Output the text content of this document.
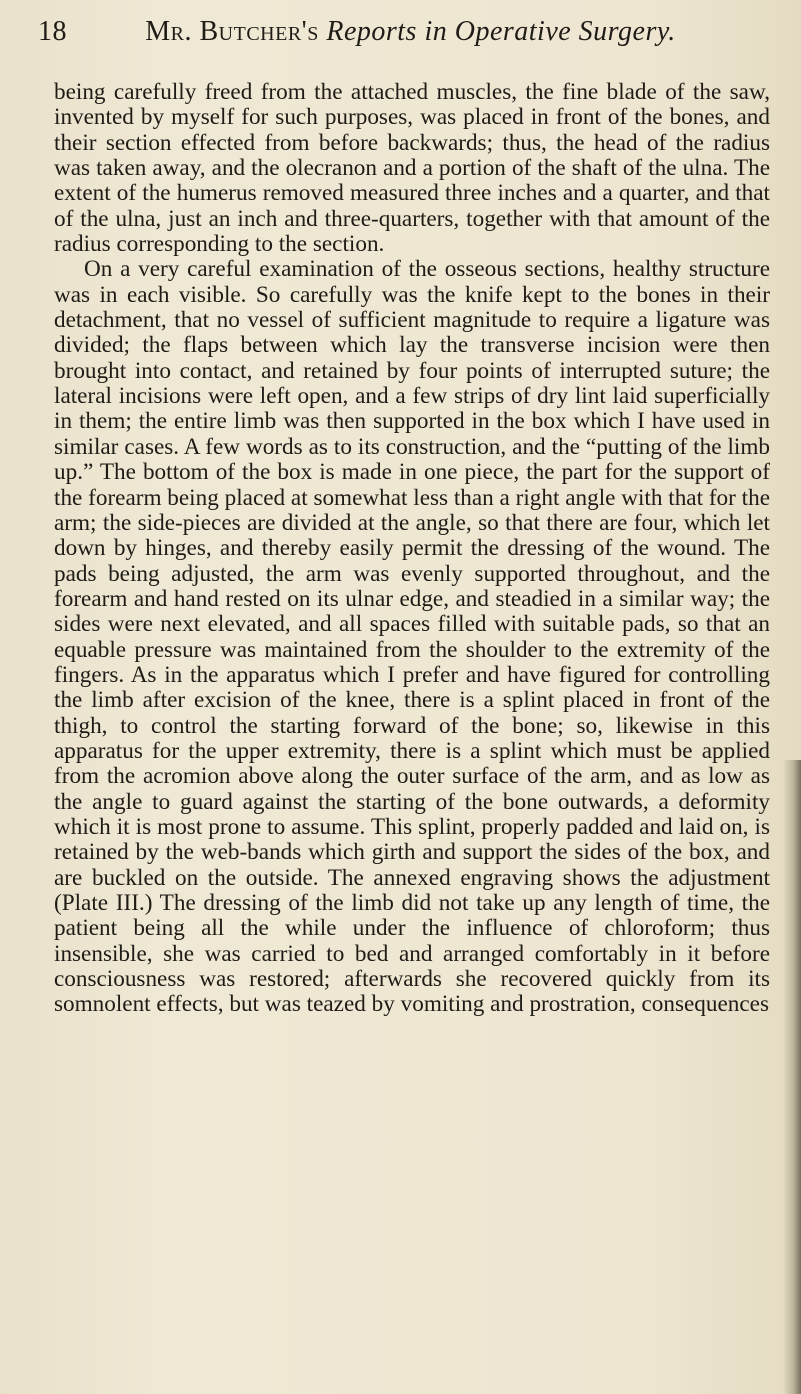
18	Mr. Butcher's Reports in Operative Surgery.

being carefully freed from the attached muscles, the fine blade of the saw, invented by myself for such purposes, was placed in front of the bones, and their section effected from before backwards; thus, the head of the radius was taken away, and the olecranon and a portion of the shaft of the ulna. The extent of the humerus removed measured three inches and a quarter, and that of the ulna, just an inch and three-quarters, together with that amount of the radius corresponding to the section.

On a very careful examination of the osseous sections, healthy structure was in each visible. So carefully was the knife kept to the bones in their detachment, that no vessel of sufficient magnitude to require a ligature was divided; the flaps between which lay the transverse incision were then brought into contact, and retained by four points of interrupted suture; the lateral incisions were left open, and a few strips of dry lint laid superficially in them; the entire limb was then supported in the box which I have used in similar cases. A few words as to its construction, and the “putting of the limb up.” The bottom of the box is made in one piece, the part for the support of the forearm being placed at somewhat less than a right angle with that for the arm; the side-pieces are divided at the angle, so that there are four, which let down by hinges, and thereby easily permit the dressing of the wound. The pads being adjusted, the arm was evenly supported throughout, and the forearm and hand rested on its ulnar edge, and steadied in a similar way; the sides were next elevated, and all spaces filled with suitable pads, so that an equable pressure was maintained from the shoulder to the extremity of the fingers. As in the apparatus which I prefer and have figured for controlling the limb after excision of the knee, there is a splint placed in front of the thigh, to control the starting forward of the bone; so, likewise in this apparatus for the upper extremity, there is a splint which must be applied from the acromion above along the outer surface of the arm, and as low as the angle to guard against the starting of the bone outwards, a deformity which it is most prone to assume. This splint, properly padded and laid on, is retained by the web-bands which girth and support the sides of the box, and are buckled on the outside. The annexed engraving shows the adjustment (Plate III.) The dressing of the limb did not take up any length of time, the patient being all the while under the influence of chloroform; thus insensible, she was carried to bed and arranged comfortably in it before consciousness was restored; afterwards she recovered quickly from its somnolent effects, but was teazed by vomiting and prostration, consequences
